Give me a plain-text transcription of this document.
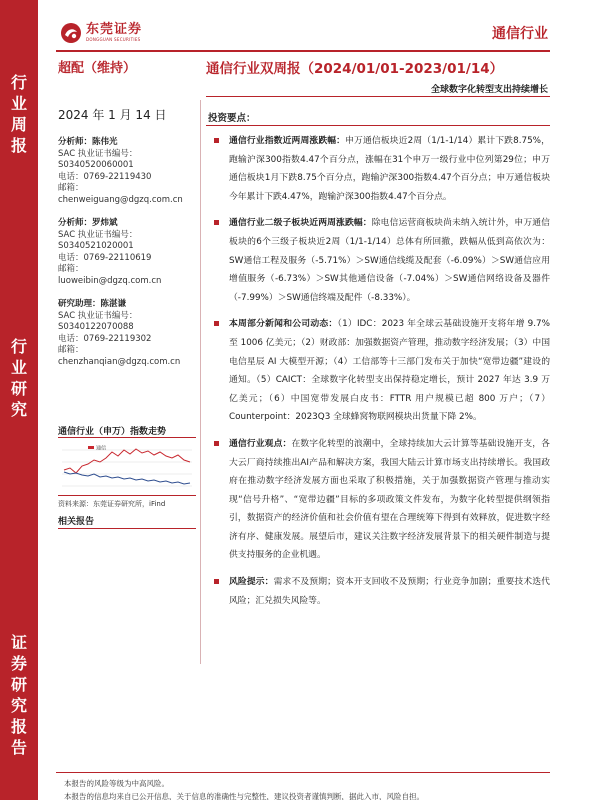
行业周报
行业研究
证券研究报告
东莞证券
DONGGUAN SECURITIES	通信行业
超配（维持）	通信行业双周报（2024/01/01-2023/01/14）
全球数字化转型支出持续增长
2024 年 1 月 14 日
分析师：陈伟光
SAC 执业证书编号：
S0340520060001
电话：0769-22119430
邮箱：
chenweiguang@dgzq.com.cn
分析师：罗炜斌
SAC 执业证书编号：
S0340521020001
电话：0769-22110619
邮箱：
luoweibin@dgzq.com.cn
研究助理：陈湛谦
SAC 执业证书编号：
S0340122070088
电话：0769-22119302
邮箱：
chenzhanqian@dgzq.com.cn
通信行业（申万）指数走势
通信
资料来源：东莞证券研究所，iFind
相关报告
投资要点：
通信行业指数近两周涨跌幅：申万通信板块近2周（1/1-1/14）累计下跌8.75%，跑输沪深300指数4.47个百分点，涨幅在31个申万一级行业中位列第29位；申万通信板块1月下跌8.75个百分点，跑输沪深300指数4.47个百分点；申万通信板块今年累计下跌4.47%，跑输沪深300指数4.47个百分点。
通信行业二级子板块近两周涨跌幅：除电信运营商板块尚未纳入统计外，申万通信板块的6个三级子板块近2周（1/1-1/14）总体有所回撤，跌幅从低到高依次为：SW通信工程及服务（-5.71%）＞SW通信线缆及配套（-6.09%）＞SW通信应用增值服务（-6.73%）＞SW其他通信设备（-7.04%）＞SW通信网络设备及器件（-7.99%）＞SW通信终端及配件（-8.33%）。
本周部分新闻和公司动态：（1）IDC：2023 年全球云基础设施开支将年增 9.7%至 1006 亿美元；（2）财政部：加强数据资产管理，推动数字经济发展；（3）中国电信星辰 AI 大模型开源；（4）工信部等十三部门发布关于加快“宽带边疆”建设的通知。（5）CAICT：全球数字化转型支出保持稳定增长，预计 2027 年达 3.9 万亿美元；（6）中国宽带发展白皮书：FTTR 用户规模已超 800 万户；（7）Counterpoint：2023Q3 全球蜂窝物联网模块出货量下降 2%。
通信行业观点：在数字化转型的浪潮中，全球持续加大云计算等基础设施开支，各大云厂商持续推出AI产品和解决方案，我国大陆云计算市场支出持续增长。我国政府在推动数字经济发展方面也采取了积极措施，关于加强数据资产管理与推动实现“信号升格”、“宽带边疆”目标的多项政策文件发布，为数字化转型提供纲领指引，数据资产的经济价值和社会价值有望在合理统筹下得到有效释放，促进数字经济有序、健康发展。展望后市，建议关注数字经济发展背景下的相关硬件制造与提供支持服务的企业机遇。
风险提示：需求不及预期；资本开支回收不及预期；行业竞争加剧；重要技术迭代风险；汇兑损失风险等。
本报告的风险等级为中高风险。
本报告的信息均来自已公开信息，关于信息的准确性与完整性，建议投资者谨慎判断，据此入市，风险自担。
